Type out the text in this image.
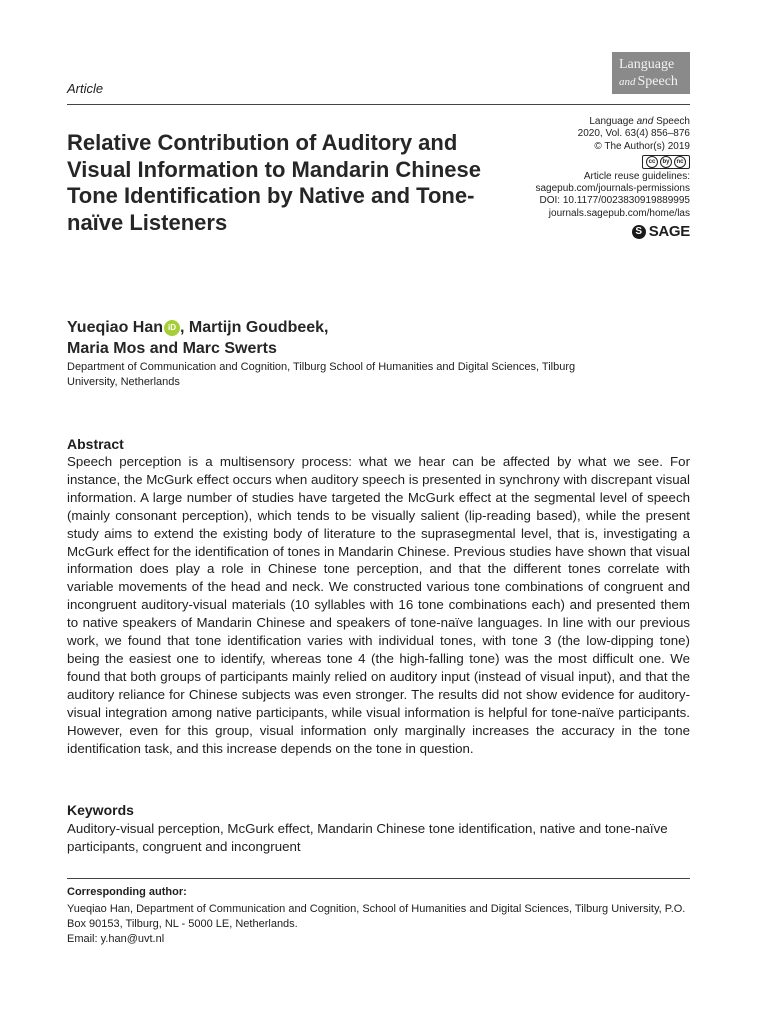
Language
and Speech
Article
Relative Contribution of Auditory and Visual Information to Mandarin Chinese Tone Identification by Native and Tone-naïve Listeners
Language and Speech
2020, Vol. 63(4) 856–876
© The Author(s) 2019
cc	by	nc
Article reuse guidelines:
sagepub.com/journals-permissions
DOI: 10.1177/0023830919889995
journals.sagepub.com/home/las
S SAGE
Yueqiao Han iD , Martijn Goudbeek,
Maria Mos and Marc Swerts
Department of Communication and Cognition, Tilburg School of Humanities and Digital Sciences, Tilburg University, Netherlands
Abstract
Speech perception is a multisensory process: what we hear can be affected by what we see. For instance, the McGurk effect occurs when auditory speech is presented in synchrony with discrepant visual information. A large number of studies have targeted the McGurk effect at the segmental level of speech (mainly consonant perception), which tends to be visually salient (lip-reading based), while the present study aims to extend the existing body of literature to the suprasegmental level, that is, investigating a McGurk effect for the identification of tones in Mandarin Chinese. Previous studies have shown that visual information does play a role in Chinese tone perception, and that the different tones correlate with variable movements of the head and neck. We constructed various tone combinations of congruent and incongruent auditory-visual materials (10 syllables with 16 tone combinations each) and presented them to native speakers of Mandarin Chinese and speakers of tone-naïve languages. In line with our previous work, we found that tone identification varies with individual tones, with tone 3 (the low-dipping tone) being the easiest one to identify, whereas tone 4 (the high-falling tone) was the most difficult one. We found that both groups of participants mainly relied on auditory input (instead of visual input), and that the auditory reliance for Chinese subjects was even stronger. The results did not show evidence for auditory-visual integration among native participants, while visual information is helpful for tone-naïve participants. However, even for this group, visual information only marginally increases the accuracy in the tone identification task, and this increase depends on the tone in question.
Keywords
Auditory-visual perception, McGurk effect, Mandarin Chinese tone identification, native and tone-naïve participants, congruent and incongruent
Corresponding author:
Yueqiao Han, Department of Communication and Cognition, School of Humanities and Digital Sciences, Tilburg University, P.O. Box 90153, Tilburg, NL - 5000 LE, Netherlands.
Email: y.han@uvt.nl
